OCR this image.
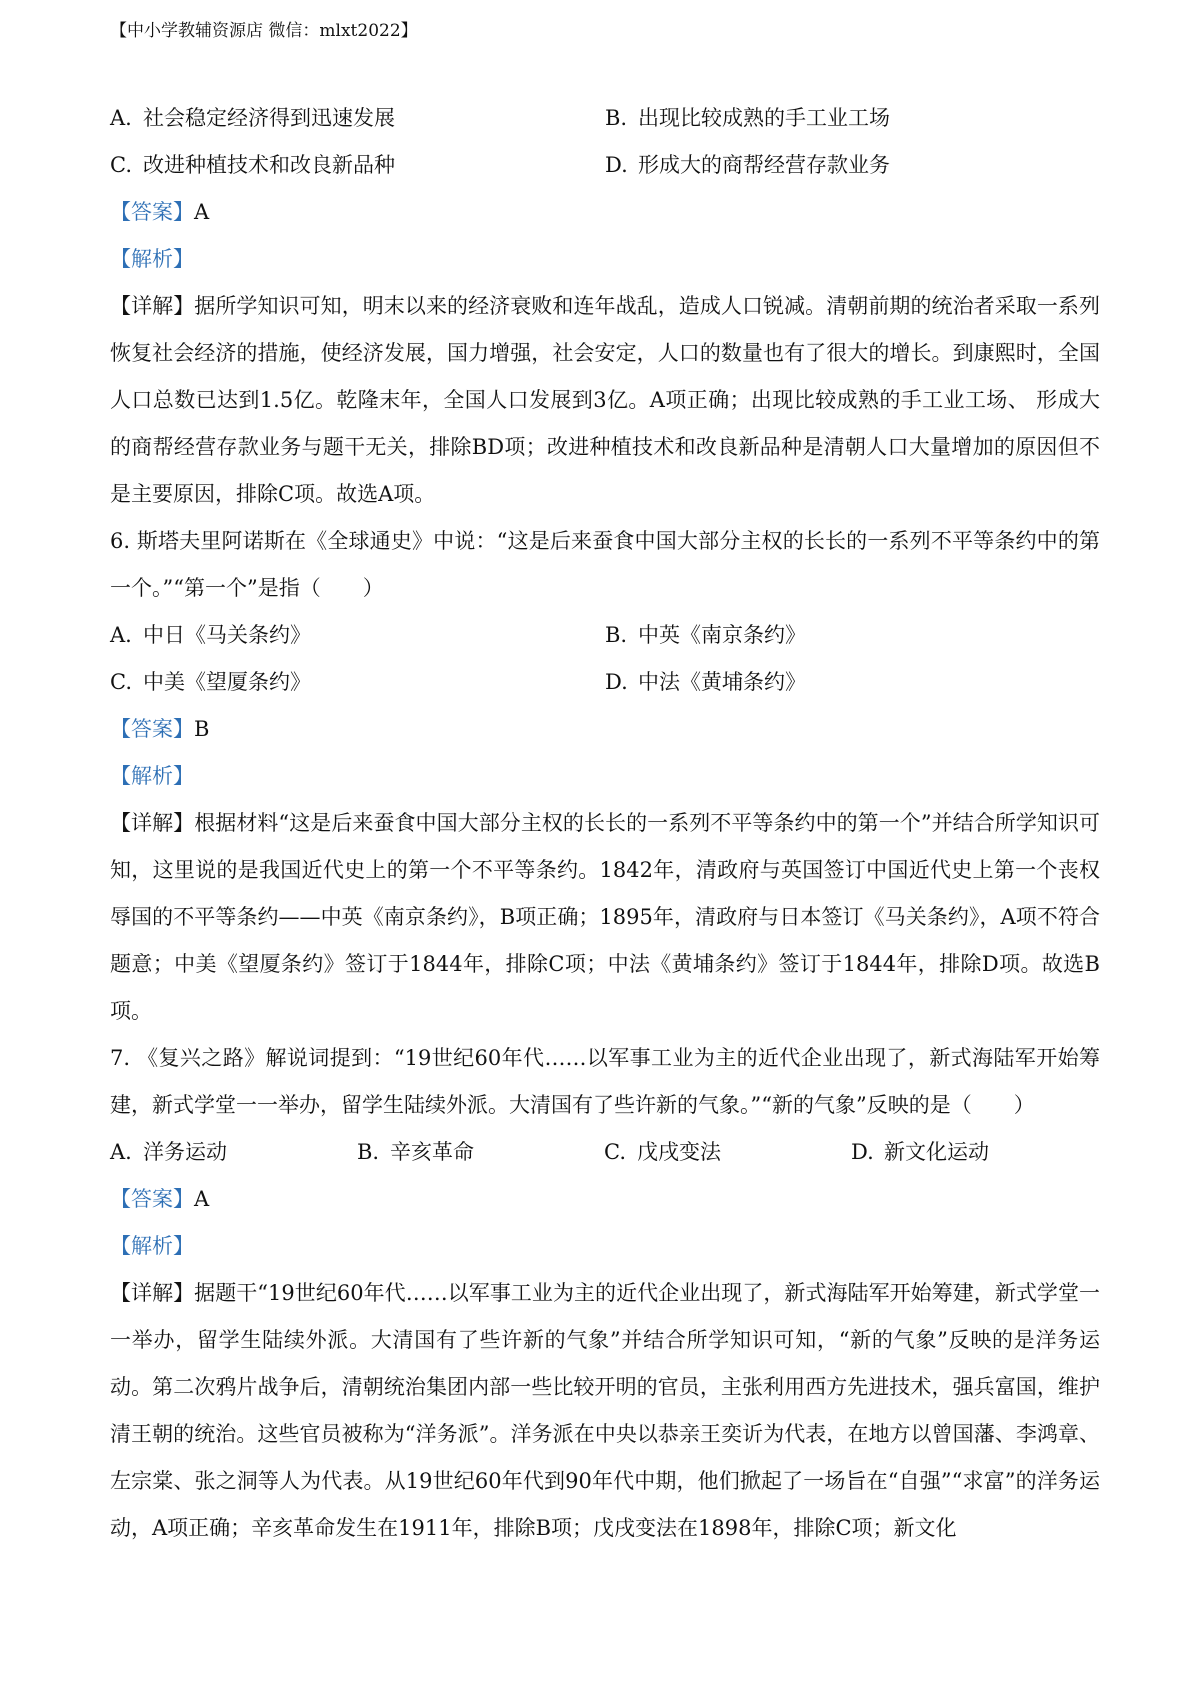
【中小学教辅资源店 微信：mlxt2022】
A. 社会稳定经济得到迅速发展	B. 出现比较成熟的手工业工场
C. 改进种植技术和改良新品种	D. 形成大的商帮经营存款业务
【答案】A
【解析】
【详解】据所学知识可知，明末以来的经济衰败和连年战乱，造成人口锐减。清朝前期的统治者采取一系列恢复社会经济的措施，使经济发展，国力增强，社会安定，人口的数量也有了很大的增长。到康熙时，全国人口总数已达到1.5亿。乾隆末年，全国人口发展到3亿。A项正确；出现比较成熟的手工业工场、 形成大的商帮经营存款业务与题干无关，排除BD项；改进种植技术和改良新品种是清朝人口大量增加的原因但不是主要原因，排除C项。故选A项。
6. 斯塔夫里阿诺斯在《全球通史》中说：“这是后来蚕食中国大部分主权的长长的一系列不平等条约中的第一个。”“第一个”是指（　　）
A. 中日《马关条约》	B. 中英《南京条约》
C. 中美《望厦条约》	D. 中法《黄埔条约》
【答案】B
【解析】
【详解】根据材料“这是后来蚕食中国大部分主权的长长的一系列不平等条约中的第一个”并结合所学知识可知，这里说的是我国近代史上的第一个不平等条约。1842年，清政府与英国签订中国近代史上第一个丧权辱国的不平等条约——中英《南京条约》，B项正确；1895年，清政府与日本签订《马关条约》，A项不符合题意；中美《望厦条约》签订于1844年，排除C项；中法《黄埔条约》签订于1844年，排除D项。故选B项。
7. 《复兴之路》解说词提到：“19世纪60年代……以军事工业为主的近代企业出现了，新式海陆军开始筹建，新式学堂一一举办，留学生陆续外派。大清国有了些许新的气象。”“新的气象”反映的是（　　）
A. 洋务运动	B. 辛亥革命	C. 戊戌变法	D. 新文化运动
【答案】A
【解析】
【详解】据题干“19世纪60年代……以军事工业为主的近代企业出现了，新式海陆军开始筹建，新式学堂一一举办，留学生陆续外派。大清国有了些许新的气象”并结合所学知识可知，“新的气象”反映的是洋务运动。第二次鸦片战争后，清朝统治集团内部一些比较开明的官员，主张利用西方先进技术，强兵富国，维护清王朝的统治。这些官员被称为“洋务派”。洋务派在中央以恭亲王奕䜣为代表，在地方以曾国藩、李鸿章、左宗棠、张之洞等人为代表。从19世纪60年代到90年代中期，他们掀起了一场旨在“自强”“求富”的洋务运动，A项正确；辛亥革命发生在1911年，排除B项；戊戌变法在1898年，排除C项；新文化
